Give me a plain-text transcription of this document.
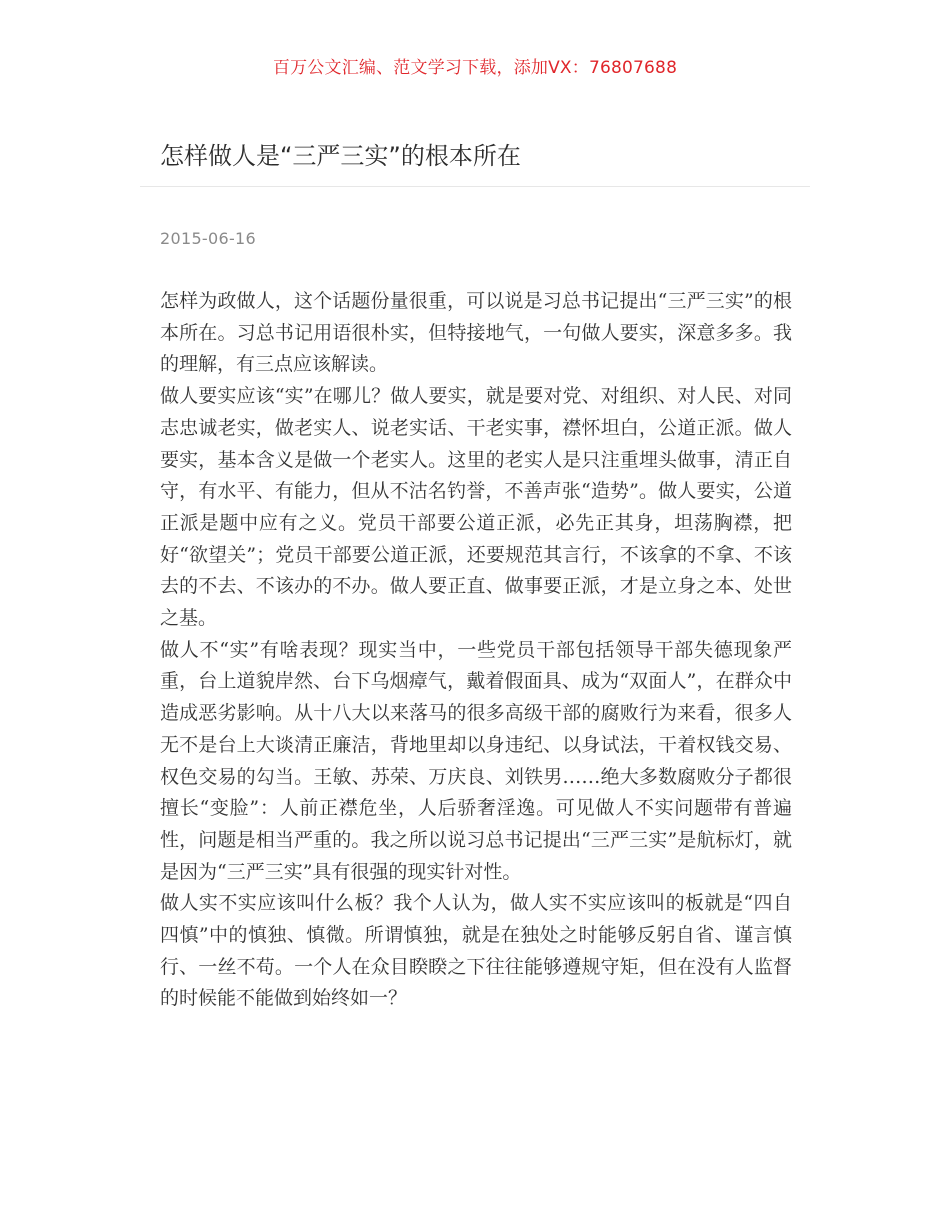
百万公文汇编、范文学习下载，添加VX：76807688
怎样做人是“三严三实”的根本所在
2015-06-16

怎样为政做人，这个话题份量很重，可以说是习总书记提出“三严三实”的根本所在。习总书记用语很朴实，但特接地气，一句做人要实，深意多多。我的理解，有三点应该解读。

做人要实应该“实”在哪儿？做人要实，就是要对党、对组织、对人民、对同志忠诚老实，做老实人、说老实话、干老实事，襟怀坦白，公道正派。做人要实，基本含义是做一个老实人。这里的老实人是只注重埋头做事，清正自守，有水平、有能力，但从不沽名钓誉，不善声张“造势”。做人要实，公道正派是题中应有之义。党员干部要公道正派，必先正其身，坦荡胸襟，把好“欲望关”；党员干部要公道正派，还要规范其言行，不该拿的不拿、不该去的不去、不该办的不办。做人要正直、做事要正派，才是立身之本、处世之基。

做人不“实”有啥表现？现实当中，一些党员干部包括领导干部失德现象严重，台上道貌岸然、台下乌烟瘴气，戴着假面具、成为“双面人”，在群众中造成恶劣影响。从十八大以来落马的很多高级干部的腐败行为来看，很多人无不是台上大谈清正廉洁，背地里却以身违纪、以身试法，干着权钱交易、权色交易的勾当。王敏、苏荣、万庆良、刘铁男……绝大多数腐败分子都很擅长“变脸”：人前正襟危坐，人后骄奢淫逸。可见做人不实问题带有普遍性，问题是相当严重的。我之所以说习总书记提出“三严三实”是航标灯，就是因为“三严三实”具有很强的现实针对性。

做人实不实应该叫什么板？我个人认为，做人实不实应该叫的板就是“四自四慎”中的慎独、慎微。所谓慎独，就是在独处之时能够反躬自省、谨言慎行、一丝不苟。一个人在众目睽睽之下往往能够遵规守矩，但在没有人监督的时候能不能做到始终如一？
